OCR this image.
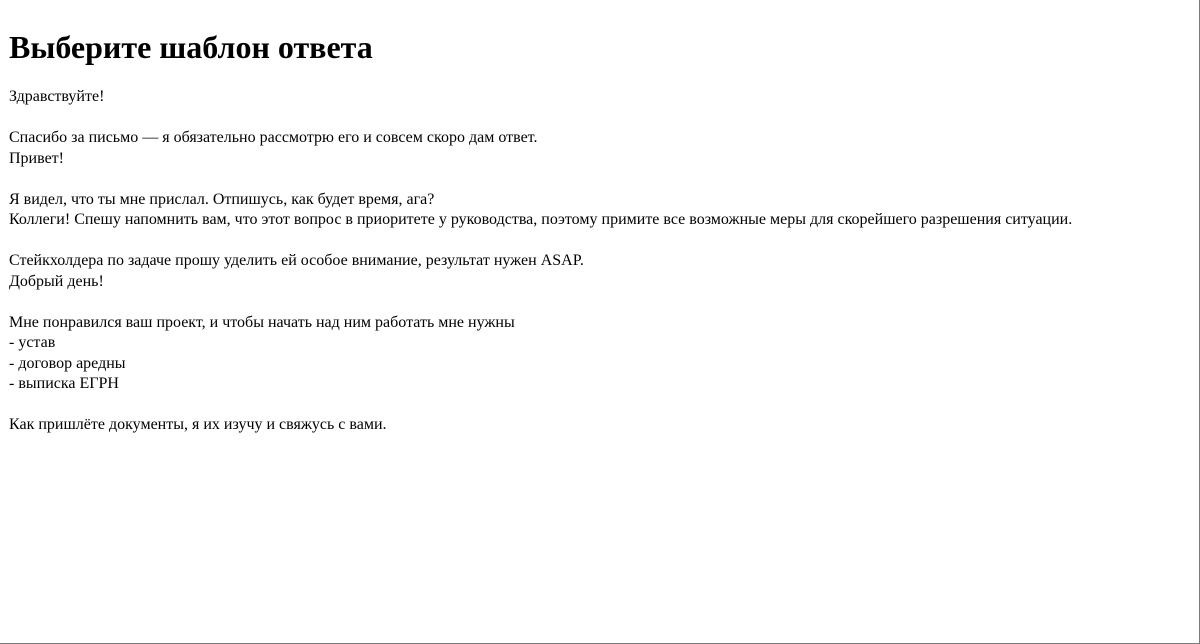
Выберите шаблон ответа
Здравствуйте!
Спасибо за письмо — я обязательно рассмотрю его и совсем скоро дам ответ.
Привет!
Я видел, что ты мне прислал. Отпишусь, как будет время, ага?
Коллеги! Спешу напомнить вам, что этот вопрос в приоритете у руководства, поэтому примите все возможные меры для скорейшего разрешения ситуации.
Стейкхолдера по задаче прошу уделить ей особое внимание, результат нужен ASAP.
Добрый день!
Мне понравился ваш проект, и чтобы начать над ним работать мне нужны
- устав
- договор аредны
- выписка ЕГРН
Как пришлёте документы, я их изучу и свяжусь с вами.
